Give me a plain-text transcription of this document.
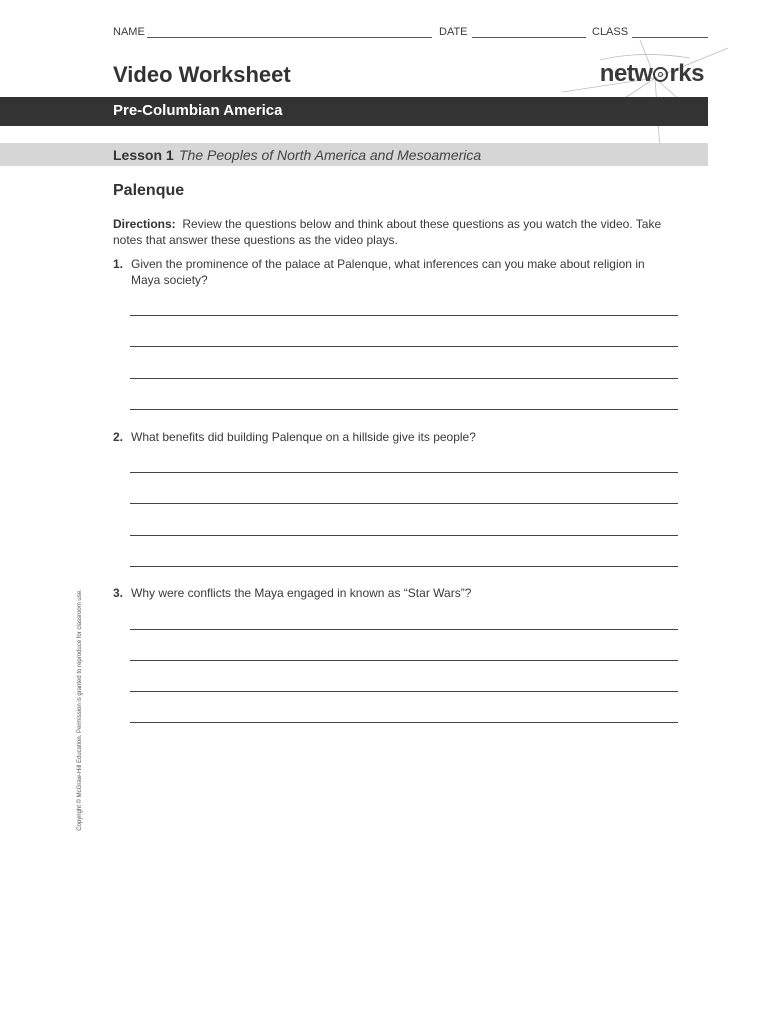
NAME	DATE	CLASS
Video Worksheet	netw rks
Pre-Columbian America
Lesson 1 The Peoples of North America and Mesoamerica
Palenque
Directions: Review the questions below and think about these questions as you watch the video. Take notes that answer these questions as the video plays.
1. Given the prominence of the palace at Palenque, what inferences can you make about religion in Maya society?
2. What benefits did building Palenque on a hillside give its people?
3. Why were conflicts the Maya engaged in known as “Star Wars”?
Copyright © McGraw-Hill Education. Permission is granted to reproduce for classroom use.
